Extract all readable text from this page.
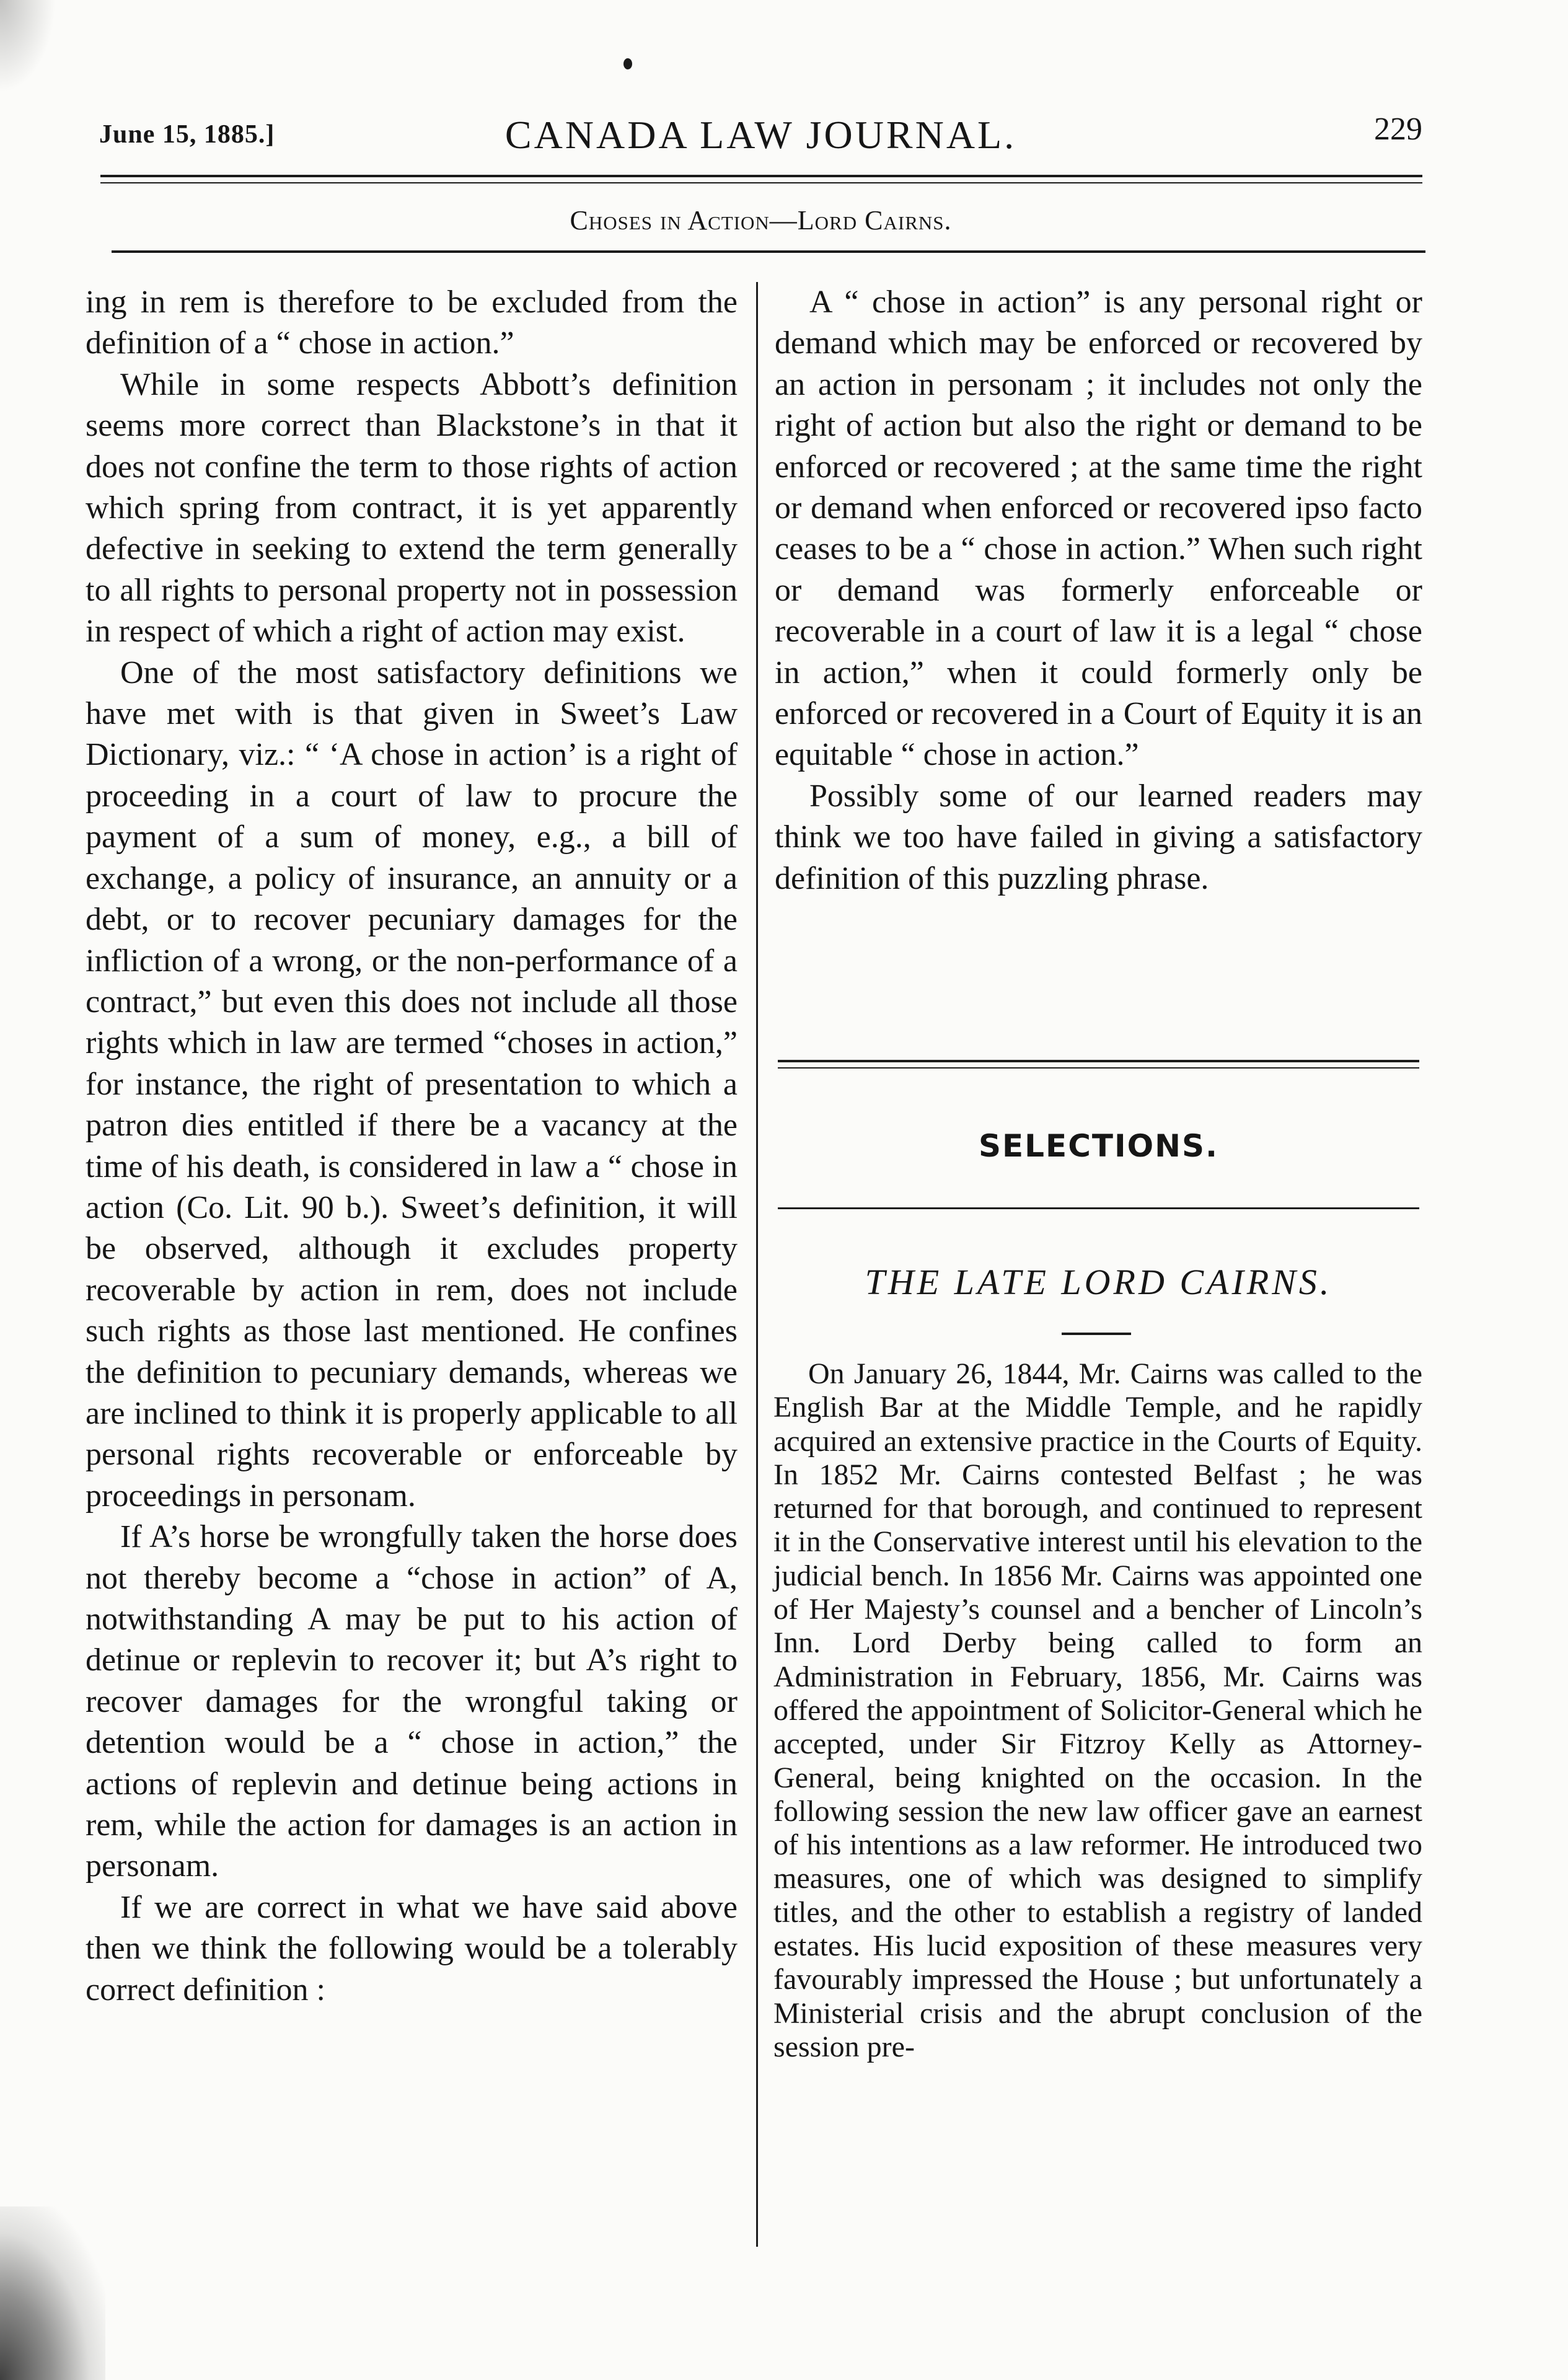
June 15, 1885.]	CANADA LAW JOURNAL.	229
Choses in Action—Lord Cairns.

ing in rem is therefore to be excluded from the definition of a “ chose in action.”

While in some respects Abbott’s definition seems more correct than Blackstone’s in that it does not confine the term to those rights of action which spring from contract, it is yet apparently defective in seeking to extend the term generally to all rights to personal property not in possession in respect of which a right of action may exist.

One of the most satisfactory definitions we have met with is that given in Sweet’s Law Dictionary, viz.: “ ‘A chose in action’ is a right of proceeding in a court of law to procure the payment of a sum of money, e.g., a bill of exchange, a policy of insurance, an annuity or a debt, or to recover pecuniary damages for the infliction of a wrong, or the non-performance of a contract,” but even this does not include all those rights which in law are termed “choses in action,” for instance, the right of presentation to which a patron dies entitled if there be a vacancy at the time of his death, is considered in law a “ chose in action (Co. Lit. 90 b.). Sweet’s definition, it will be observed, although it excludes property recoverable by action in rem, does not include such rights as those last mentioned. He confines the definition to pecuniary demands, whereas we are inclined to think it is properly applicable to all personal rights recoverable or enforceable by proceedings in personam.

If A’s horse be wrongfully taken the horse does not thereby become a “chose in action” of A, notwithstanding A may be put to his action of detinue or replevin to recover it; but A’s right to recover damages for the wrongful taking or detention would be a “ chose in action,” the actions of replevin and detinue being actions in rem, while the action for damages is an action in personam.

If we are correct in what we have said above then we think the following would be a tolerably correct definition :

A “ chose in action” is any personal right or demand which may be enforced or recovered by an action in personam ; it includes not only the right of action but also the right or demand to be enforced or recovered ; at the same time the right or demand when enforced or recovered ipso facto ceases to be a “ chose in action.” When such right or demand was formerly enforceable or recoverable in a court of law it is a legal “ chose in action,” when it could formerly only be enforced or recovered in a Court of Equity it is an equitable “ chose in action.”

Possibly some of our learned readers may think we too have failed in giving a satisfactory definition of this puzzling phrase.

SELECTIONS.
THE LATE LORD CAIRNS.

On January 26, 1844, Mr. Cairns was called to the English Bar at the Middle Temple, and he rapidly acquired an extensive practice in the Courts of Equity. In 1852 Mr. Cairns contested Belfast ; he was returned for that borough, and continued to represent it in the Conservative interest until his elevation to the judicial bench. In 1856 Mr. Cairns was appointed one of Her Majesty’s counsel and a bencher of Lincoln’s Inn. Lord Derby being called to form an Administration in February, 1856, Mr. Cairns was offered the appointment of Solicitor-General which he accepted, under Sir Fitzroy Kelly as Attorney-General, being knighted on the occasion. In the following session the new law officer gave an earnest of his intentions as a law reformer. He introduced two measures, one of which was designed to simplify titles, and the other to establish a registry of landed estates. His lucid exposition of these measures very favourably impressed the House ; but unfortunately a Ministerial crisis and the abrupt conclusion of the session pre-
